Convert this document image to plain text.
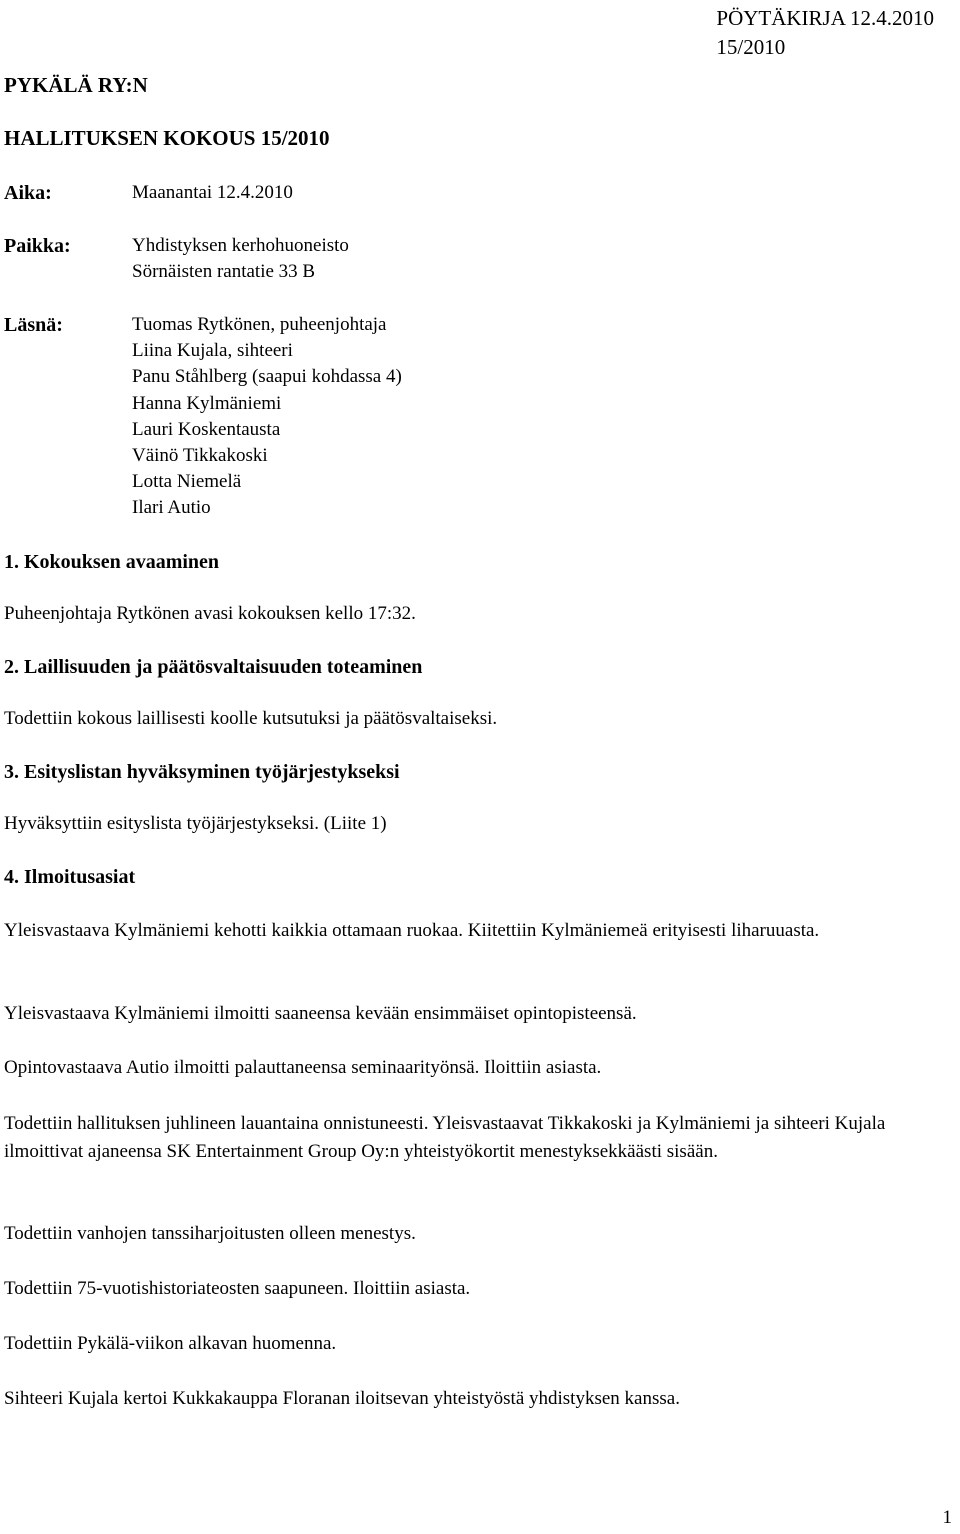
PÖYTÄKIRJA 12.4.2010
15/2010
PYKÄLÄ RY:N
HALLITUKSEN KOKOUS 15/2010
Aika:	Maanantai 12.4.2010
Paikka:	Yhdistyksen kerhohuoneisto
Sörnäisten rantatie 33 B
Läsnä:	Tuomas Rytkönen, puheenjohtaja
Liina Kujala, sihteeri
Panu Ståhlberg (saapui kohdassa 4)
Hanna Kylmäniemi
Lauri Koskentausta
Väinö Tikkakoski
Lotta Niemelä
Ilari Autio
1. Kokouksen avaaminen
Puheenjohtaja Rytkönen avasi kokouksen kello 17:32.
2. Laillisuuden ja päätösvaltaisuuden toteaminen
Todettiin kokous laillisesti koolle kutsutuksi ja päätösvaltaiseksi.
3. Esityslistan hyväksyminen työjärjestykseksi
Hyväksyttiin esityslista työjärjestykseksi. (Liite 1)
4. Ilmoitusasiat
Yleisvastaava Kylmäniemi kehotti kaikkia ottamaan ruokaa. Kiitettiin Kylmäniemeä erityisesti liharuuasta.
Yleisvastaava Kylmäniemi ilmoitti saaneensa kevään ensimmäiset opintopisteensä.
Opintovastaava Autio ilmoitti palauttaneensa seminaarityönsä. Iloittiin asiasta.
Todettiin hallituksen juhlineen lauantaina onnistuneesti. Yleisvastaavat Tikkakoski ja Kylmäniemi ja sihteeri Kujala ilmoittivat ajaneensa SK Entertainment Group Oy:n yhteistyökortit menestyksekkäästi sisään.
Todettiin vanhojen tanssiharjoitusten olleen menestys.
Todettiin 75-vuotishistoriateosten saapuneen. Iloittiin asiasta.
Todettiin Pykälä-viikon alkavan huomenna.
Sihteeri Kujala kertoi Kukkakauppa Floranan iloitsevan yhteistyöstä yhdistyksen kanssa.
1
